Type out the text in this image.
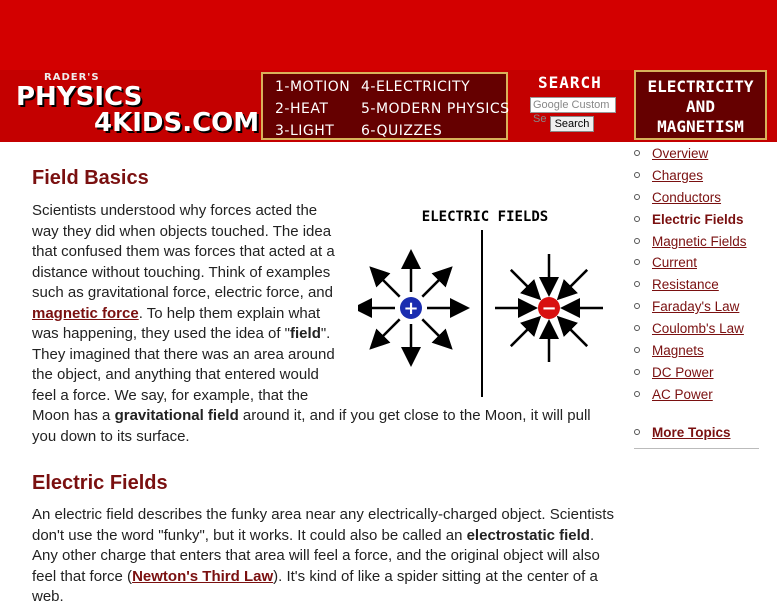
RADER'S
PHYSICS
4KIDS.COM
1-MOTION
2-HEAT
3-LIGHT
4-ELECTRICITY
5-MODERN PHYSICS
6-QUIZZES
SEARCH
Google Custom Se Search
ELECTRICITY
AND
MAGNETISM
Field Basics

Scientists understood why forces acted the way they did when objects touched. The idea that confused them was forces that acted at a distance without touching. Think of examples such as gravitational force, electric force, and magnetic force. To help them explain what was happening, they used the idea of "field". They imagined that there was an area around the object, and anything that entered would feel a force. We say, for example, that the Moon has a gravitational field around it, and if you get close to the Moon, it will pull you down to its surface.

Electric Fields

An electric field describes the funky area near any electrically-charged object. Scientists don't use the word "funky", but it works. It could also be called an electrostatic field. Any other charge that enters that area will feel a force, and the original object will also feel that force (Newton's Third Law). It's kind of like a spider sitting at the center of a web.

ELECTRIC FIELDS
+	−
Overview
Charges
Conductors
Electric Fields
Magnetic Fields
Current
Resistance
Faraday's Law
Coulomb's Law
Magnets
DC Power
AC Power
More Topics
